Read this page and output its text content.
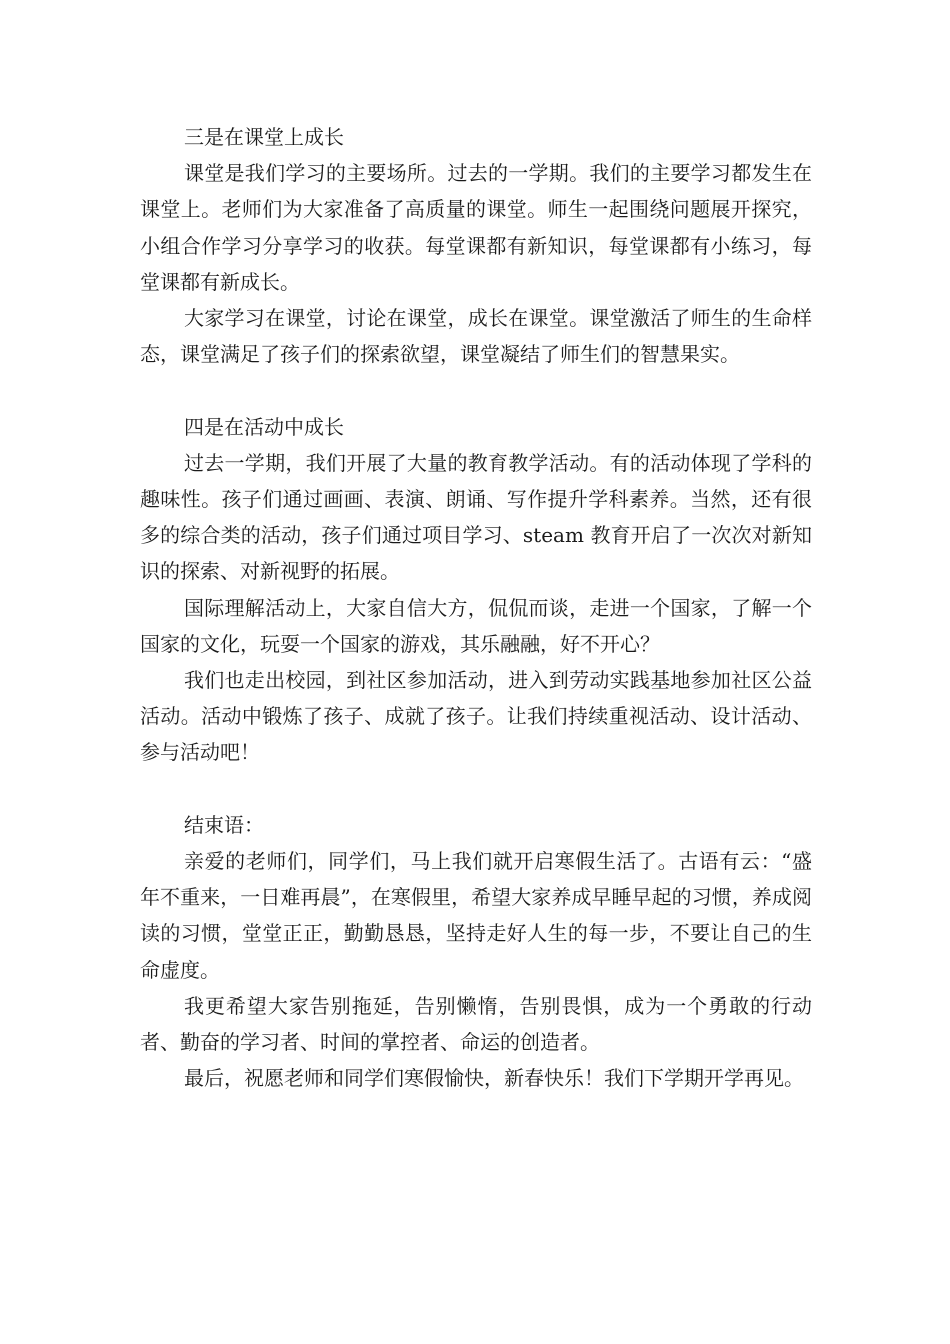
三是在课堂上成长

课堂是我们学习的主要场所。过去的一学期。我们的主要学习都发生在课堂上。老师们为大家准备了高质量的课堂。师生一起围绕问题展开探究，小组合作学习分享学习的收获。每堂课都有新知识，每堂课都有小练习，每堂课都有新成长。

大家学习在课堂，讨论在课堂，成长在课堂。课堂激活了师生的生命样态，课堂满足了孩子们的探索欲望，课堂凝结了师生们的智慧果实。

四是在活动中成长

过去一学期，我们开展了大量的教育教学活动。有的活动体现了学科的趣味性。孩子们通过画画、表演、朗诵、写作提升学科素养。当然，还有很多的综合类的活动，孩子们通过项目学习、steam 教育开启了一次次对新知识的探索、对新视野的拓展。

国际理解活动上，大家自信大方，侃侃而谈，走进一个国家，了解一个国家的文化，玩耍一个国家的游戏，其乐融融，好不开心？

我们也走出校园，到社区参加活动，进入到劳动实践基地参加社区公益活动。活动中锻炼了孩子、成就了孩子。让我们持续重视活动、设计活动、参与活动吧！

结束语：

亲爱的老师们，同学们，马上我们就开启寒假生活了。古语有云：“盛年不重来，一日难再晨”，在寒假里，希望大家养成早睡早起的习惯，养成阅读的习惯，堂堂正正，勤勤恳恳，坚持走好人生的每一步，不要让自己的生命虚度。

我更希望大家告别拖延，告别懒惰，告别畏惧，成为一个勇敢的行动者、勤奋的学习者、时间的掌控者、命运的创造者。

最后，祝愿老师和同学们寒假愉快，新春快乐！我们下学期开学再见。
